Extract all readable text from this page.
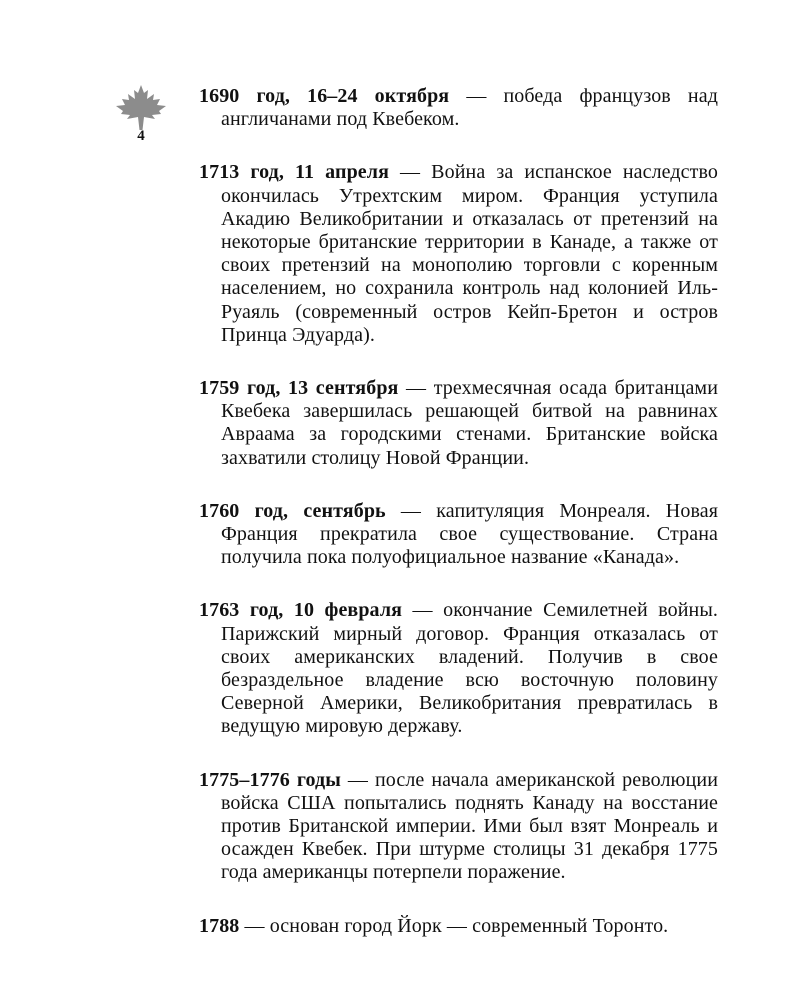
4

1690 год, 16–24 октября — победа французов над англичанами под Квебеком.

1713 год, 11 апреля — Война за испанское наследство окончилась Утрехтским миром. Франция уступила Акадию Великобритании и отказалась от претензий на некоторые британские территории в Канаде, а также от своих претензий на монополию торговли с коренным населением, но сохранила контроль над колонией Иль-Руаяль (современный остров Кейп-Бретон и остров Принца Эдуарда).

1759 год, 13 сентября — трехмесячная осада британцами Квебека завершилась решающей битвой на равнинах Авраама за городскими стенами. Британские войска захватили столицу Новой Франции.

1760 год, сентябрь — капитуляция Монреаля. Новая Франция прекратила свое существование. Страна получила пока полуофициальное название «Канада».

1763 год, 10 февраля — окончание Семилетней войны. Парижский мирный договор. Франция отказалась от своих американских владений. Получив в свое безраздельное владение всю восточную половину Северной Америки, Великобритания превратилась в ведущую мировую державу.

1775–1776 годы — после начала американской революции войска США попытались поднять Канаду на восстание против Британской империи. Ими был взят Монреаль и осажден Квебек. При штурме столицы 31 декабря 1775 года американцы потерпели поражение.

1788 — основан город Йорк — современный Торонто.
